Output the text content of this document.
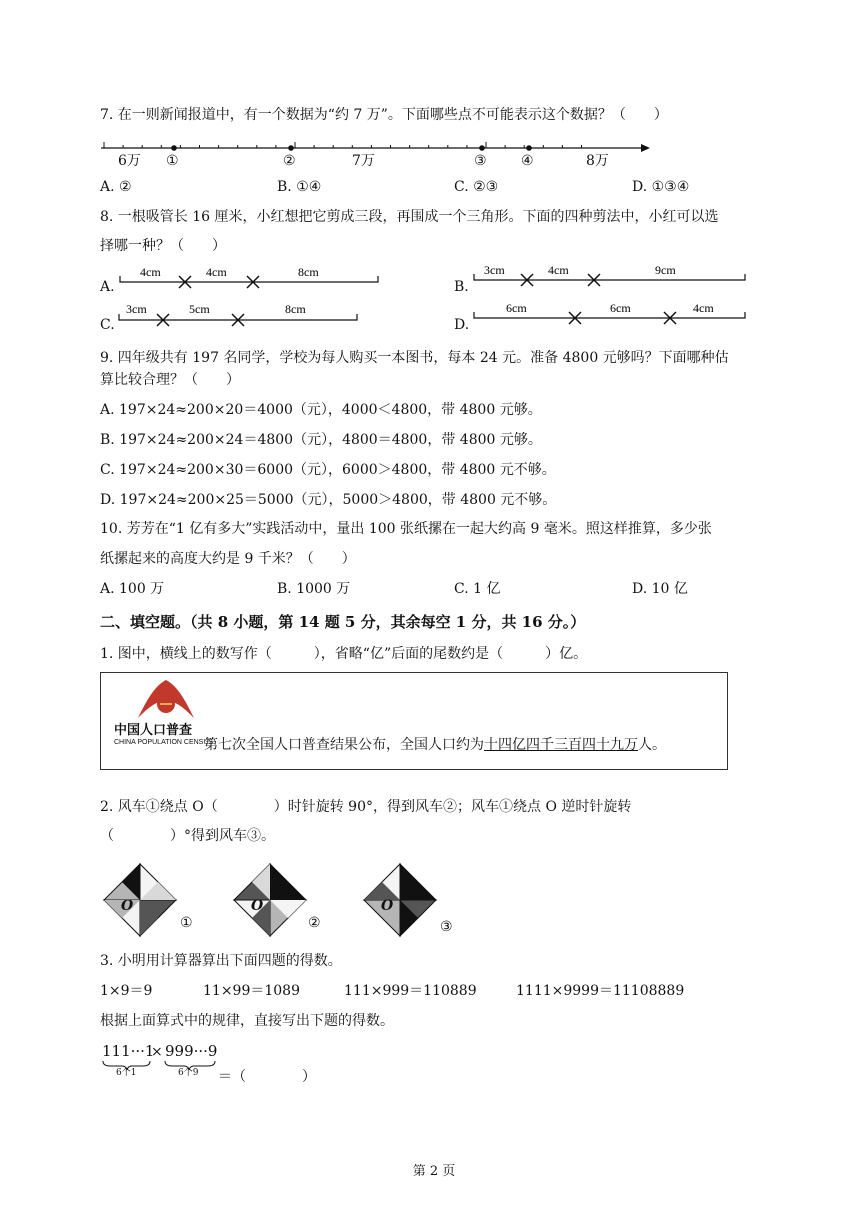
7. 在一则新闻报道中，有一个数据为“约 7 万”。下面哪些点不可能表示这个数据？（　　）
6万 ①	②	7万	③ ④	8万
A. ②	B. ①④	C. ②③	D. ①③④
8. 一根吸管长 16 厘米，小红想把它剪成三段，再围成一个三角形。下面的四种剪法中，小红可以选
择哪一种？（　　）
A.
4cm	4cm	8cm
B.
3cm	4cm	9cm
C.
3cm	5cm	8cm
D.
6cm	6cm	4cm
9. 四年级共有 197 名同学，学校为每人购买一本图书，每本 24 元。准备 4800 元够吗？下面哪种估
算比较合理？（　　）
A. 197×24≈200×20＝4000（元），4000＜4800，带 4800 元够。
B. 197×24≈200×24＝4800（元），4800＝4800，带 4800 元够。
C. 197×24≈200×30＝6000（元），6000＞4800，带 4800 元不够。
D. 197×24≈200×25＝5000（元），5000＞4800，带 4800 元不够。
10. 芳芳在“1 亿有多大”实践活动中，量出 100 张纸摞在一起大约高 9 毫米。照这样推算，多少张
纸摞起来的高度大约是 9 千米？（　　）
A. 100 万	B. 1000 万	C. 1 亿	D. 10 亿
二、填空题。（共 8 小题，第 14 题 5 分，其余每空 1 分，共 16 分。）
1. 图中，横线上的数写作（　　　），省略“亿”后面的尾数约是（　　　）亿。
中国人口普查
CHINA POPULATION CENSUS
第七次全国人口普查结果公布，全国人口约为十四亿四千三百四十九万人。
2. 风车①绕点 O（　　　　）时针旋转 90°，得到风车②；风车①绕点 O 逆时针旋转
（　　　　）°得到风车③。
O
①
O
②
O
③
3. 小明用计算器算出下面四题的得数。
1×9＝9	11×99＝1089	111×999＝110889	1111×9999＝11108889
根据上面算式中的规律，直接写出下题的得数。
111···1
× 999···9
6个1	6个9 ＝（　　　　）
第 2 页
